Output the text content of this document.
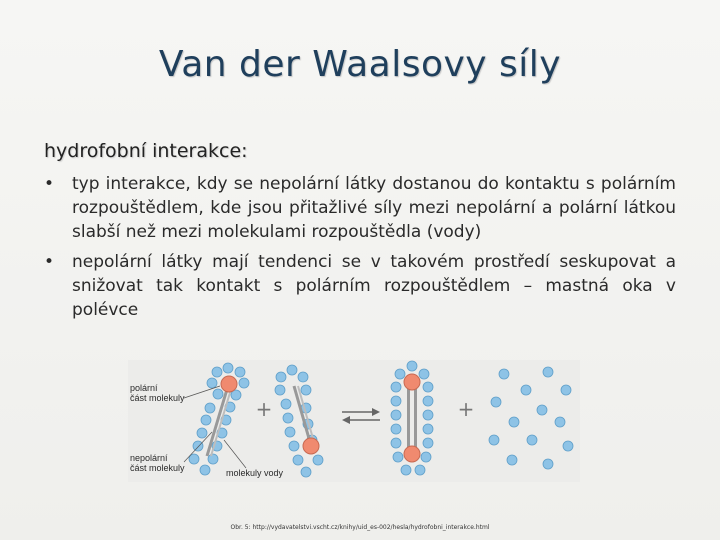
Van der Waalsovy síly
hydrofobní interakce:
• typ interakce, kdy se nepolární látky dostanou do kontaktu s polárním rozpouštědlem, kde jsou přitažlivé síly mezi nepolární a polární látkou slabší než mezi molekulami rozpouštědla (vody)
• nepolární látky mají tendenci se v takovém prostředí seskupovat a snižovat tak kontakt s polárním rozpouštědlem – mastná oka v polévce
+	+
polární
část molekuly
nepolární
část molekuly	molekuly vody
Obr. 5: http://vydavatelstvi.vscht.cz/knihy/uid_es-002/hesla/hydrofobni_interakce.html
